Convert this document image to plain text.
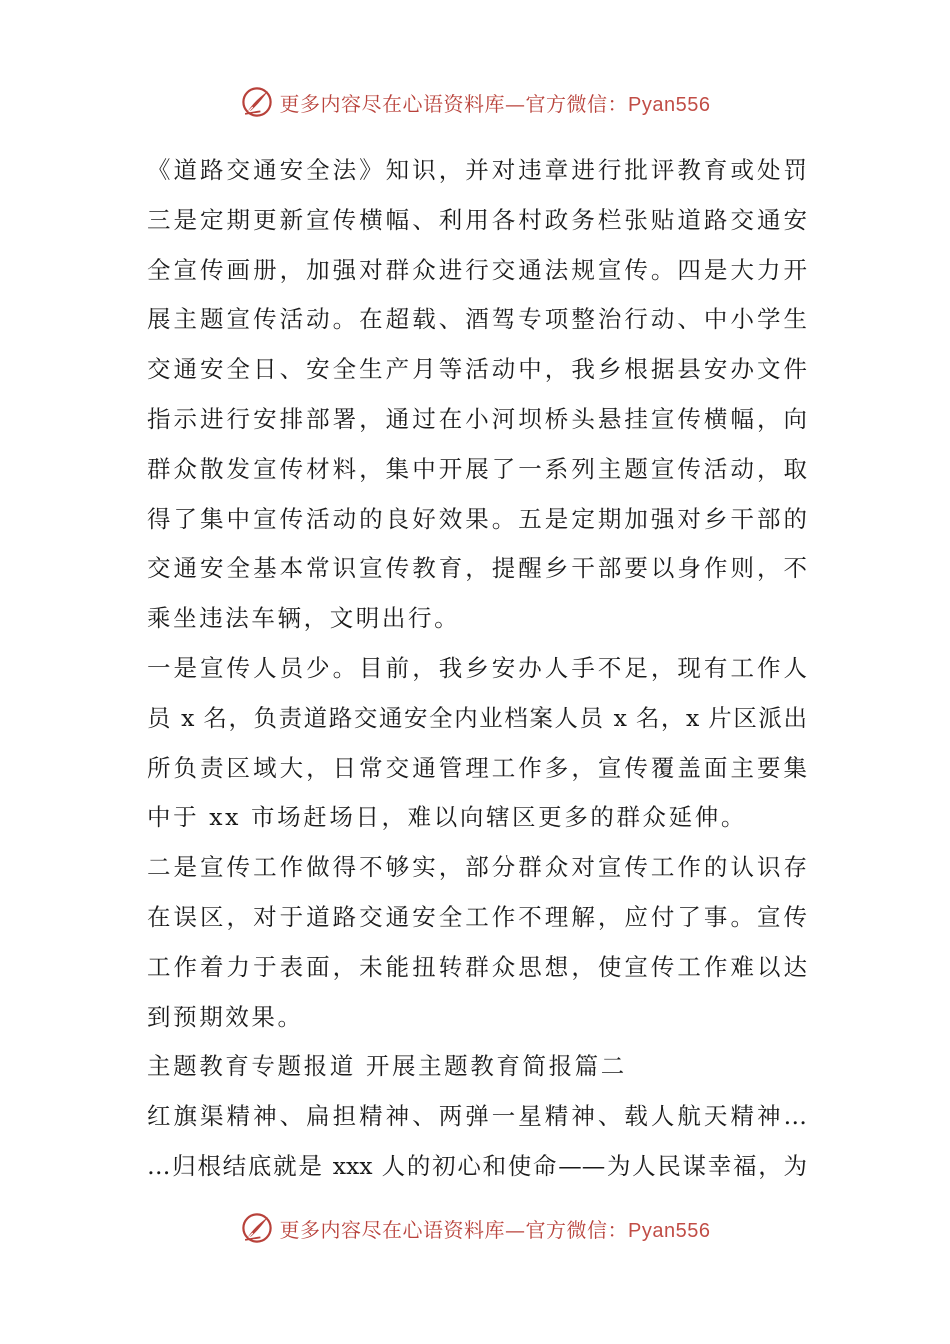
更多内容尽在心语资料库—官方微信：Pyan556
《道路交通安全法》知识，并对违章进行批评教育或处罚
三是定期更新宣传横幅、利用各村政务栏张贴道路交通安
全宣传画册，加强对群众进行交通法规宣传。四是大力开
展主题宣传活动。在超载、酒驾专项整治行动、中小学生
交通安全日、安全生产月等活动中，我乡根据县安办文件
指示进行安排部署，通过在小河坝桥头悬挂宣传横幅，向
群众散发宣传材料，集中开展了一系列主题宣传活动，取
得了集中宣传活动的良好效果。五是定期加强对乡干部的
交通安全基本常识宣传教育，提醒乡干部要以身作则，不
乘坐违法车辆，文明出行。
一是宣传人员少。目前，我乡安办人手不足，现有工作人
员 x 名，负责道路交通安全内业档案人员 x 名，x 片区派出
所负责区域大，日常交通管理工作多，宣传覆盖面主要集
中于 xx 市场赶场日，难以向辖区更多的群众延伸。
二是宣传工作做得不够实，部分群众对宣传工作的认识存
在误区，对于道路交通安全工作不理解，应付了事。宣传
工作着力于表面，未能扭转群众思想，使宣传工作难以达
到预期效果。
主题教育专题报道 开展主题教育简报篇二
红旗渠精神、扁担精神、两弹一星精神、载人航天精神…
…归根结底就是 xxx 人的初心和使命——为人民谋幸福，为
更多内容尽在心语资料库—官方微信：Pyan556
